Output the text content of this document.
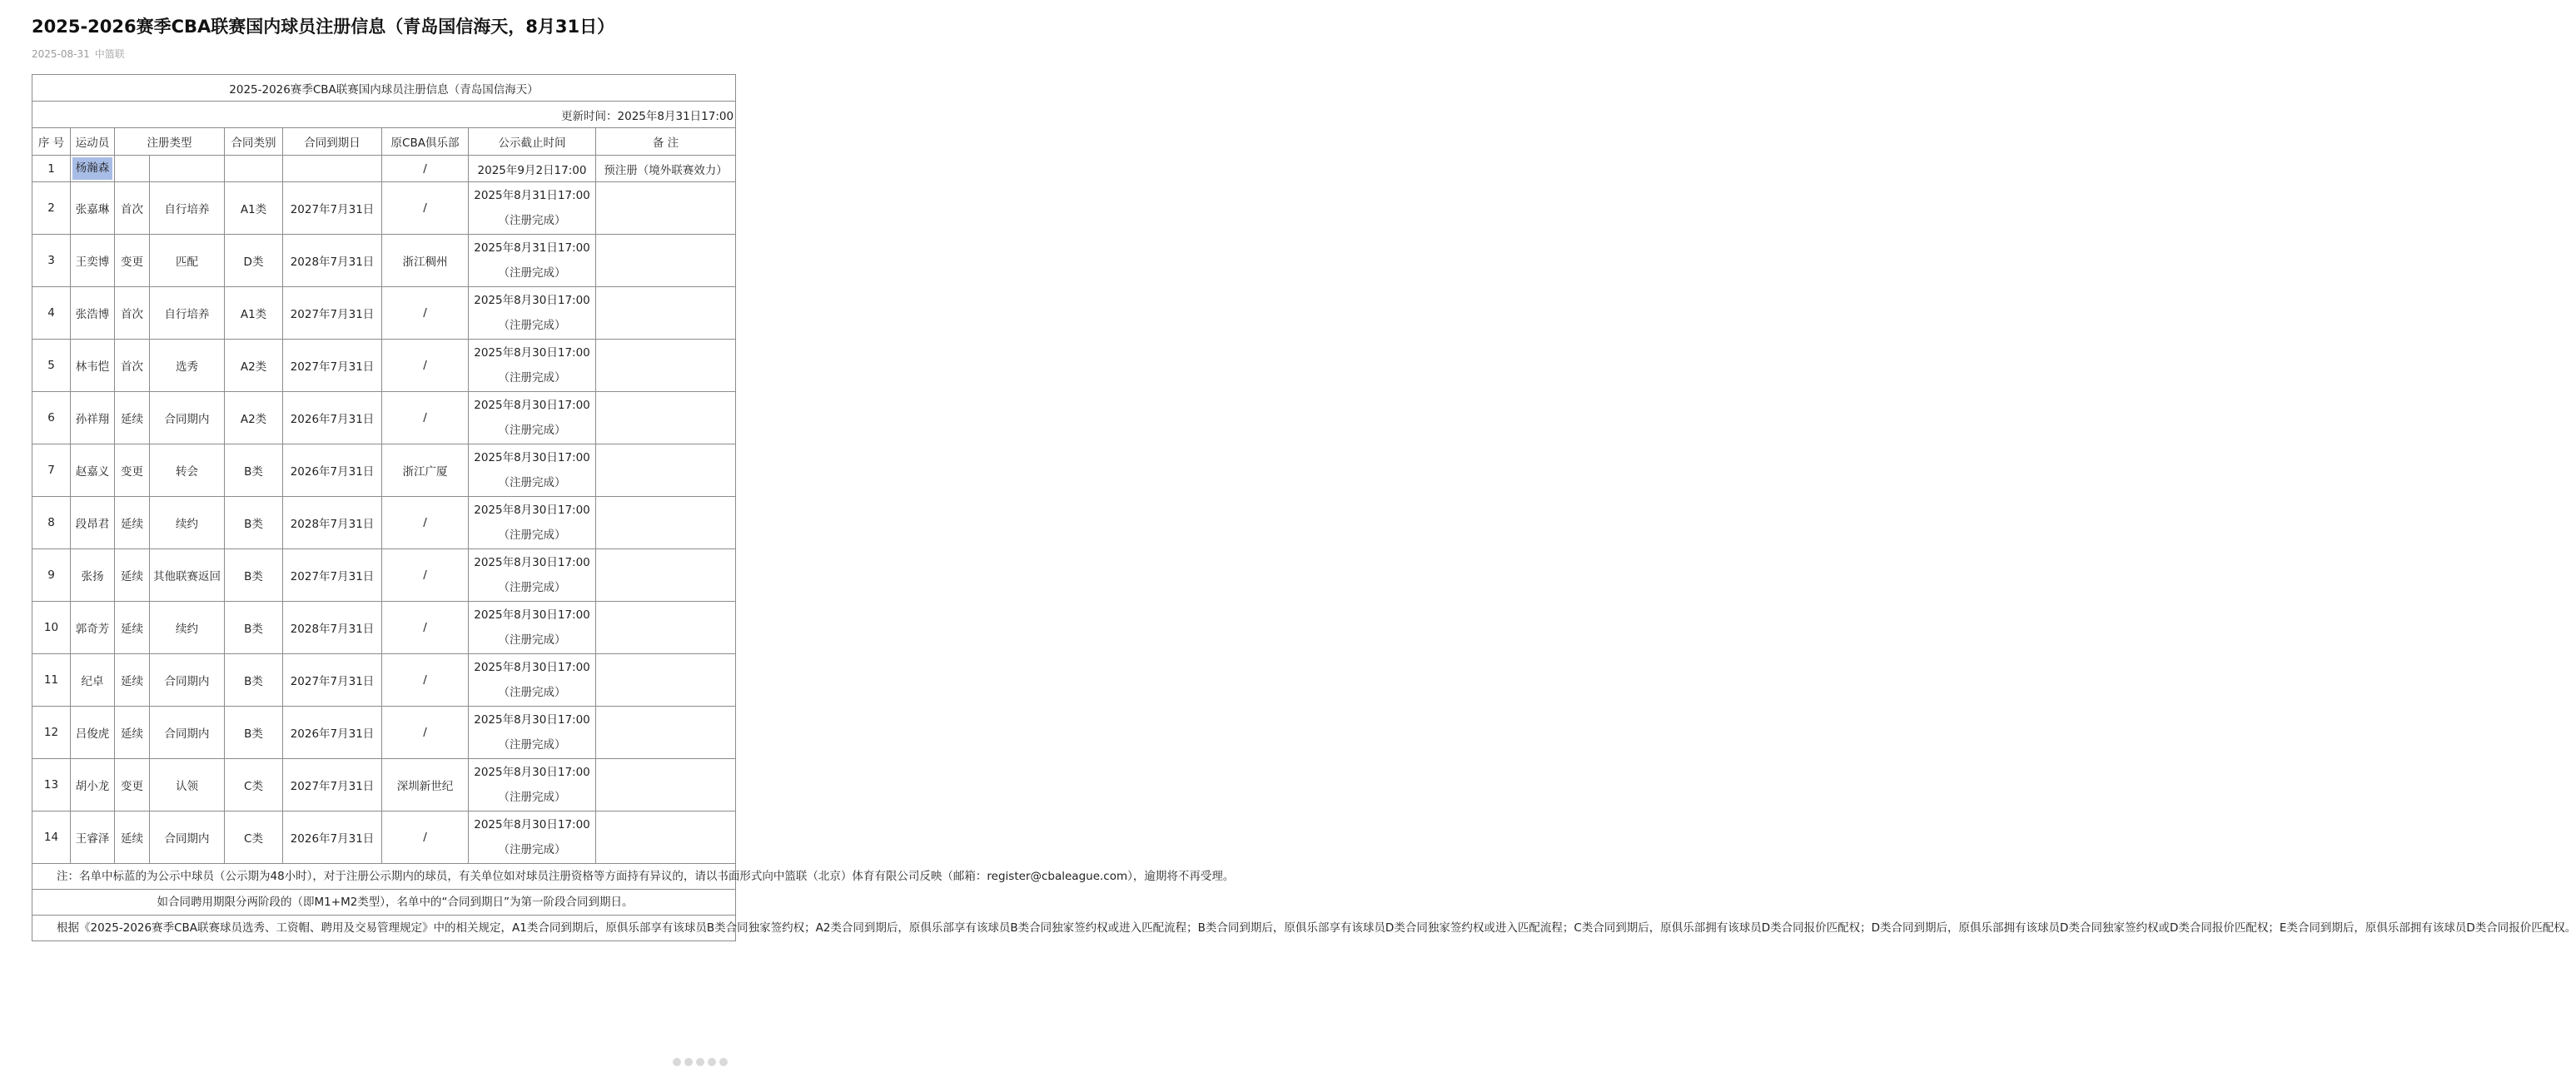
2025-2026赛季CBA联赛国内球员注册信息（青岛国信海天，8月31日）
2025-08-31 中篮联
2025-2026赛季CBA联赛国内球员注册信息（青岛国信海天）								
更新时间：2025年8月31日17:00								
序 号	运动员	注册类型		合同类别	合同到期日	原CBA俱乐部	公示截止时间	备 注
1	杨瀚森					/	2025年9月2日17:00	预注册（境外联赛效力）
2	张嘉琳	首次	自行培养	A1类	2027年7月31日	/	2025年8月31日17:00
（注册完成）	

3	王奕博	变更	匹配	D类	2028年7月31日	浙江稠州	2025年8月31日17:00
（注册完成）	

4	张浩博	首次	自行培养	A1类	2027年7月31日	/	2025年8月30日17:00
（注册完成）	

5	林韦恺	首次	选秀	A2类	2027年7月31日	/	2025年8月30日17:00
（注册完成）	

6	孙祥翔	延续	合同期内	A2类	2026年7月31日	/	2025年8月30日17:00
（注册完成）	

7	赵嘉义	变更	转会	B类	2026年7月31日	浙江广厦	2025年8月30日17:00
（注册完成）	

8	段昂君	延续	续约	B类	2028年7月31日	/	2025年8月30日17:00
（注册完成）	

9	张扬	延续	其他联赛返回	B类	2027年7月31日	/	2025年8月30日17:00
（注册完成）	

10	郭奇芳	延续	续约	B类	2028年7月31日	/	2025年8月30日17:00
（注册完成）	

11	纪卓	延续	合同期内	B类	2027年7月31日	/	2025年8月30日17:00
（注册完成）	

12	吕俊虎	延续	合同期内	B类	2026年7月31日	/	2025年8月30日17:00
（注册完成）	

13	胡小龙	变更	认领	C类	2027年7月31日	深圳新世纪	2025年8月30日17:00
（注册完成）	

14	王睿泽	延续	合同期内	C类	2026年7月31日	/	2025年8月30日17:00
（注册完成）	

注：名单中标蓝的为公示中球员（公示期为48小时），对于注册公示期内的球员，有关单位如对球员注册资格等方面持有异议的，请以书面形式向中篮联（北京）体育有限公司反映（邮箱：register@cbaleague.com），逾期将不再受理。								

如合同聘用期限分两阶段的（即M1+M2类型），名单中的“合同到期日”为第一阶段合同到期日。								

根据《2025-2026赛季CBA联赛球员选秀、工资帽、聘用及交易管理规定》中的相关规定，A1类合同到期后，原俱乐部享有该球员B类合同独家签约权；A2类合同到期后，原俱乐部享有该球员B类合同独家签约权或进入匹配流程；B类合同到期后，原俱乐部享有该球员D类合同独家签约权或进入匹配流程；C类合同到期后，原俱乐部拥有该球员D类合同报价匹配权；D类合同到期后，原俱乐部拥有该球员D类合同独家签约权或D类合同报价匹配权；E类合同到期后，原俱乐部拥有该球员D类合同报价匹配权。								
